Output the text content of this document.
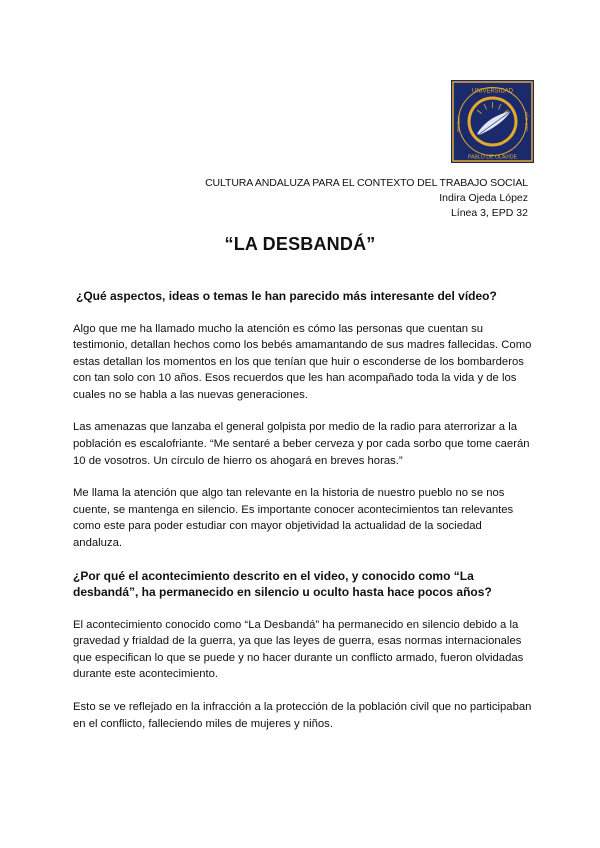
UNIVERSIDAD
PABLO DE OLAVIDE
SEVILLA	AÑO 1997
CULTURA ANDALUZA PARA EL CONTEXTO DEL TRABAJO SOCIAL
Indira Ojeda López
Línea 3, EPD 32
“LA DESBANDÁ”

¿Qué aspectos, ideas o temas le han parecido más interesante del vídeo?

Algo que me ha llamado mucho la atención es cómo las personas que cuentan su testimonio, detallan hechos como los bebés amamantando de sus madres fallecidas. Como estas detallan los momentos en los que tenían que huir o esconderse de los bombarderos con tan solo con 10 años. Esos recuerdos que les han acompañado toda la vida y de los cuales no se habla a las nuevas generaciones.

Las amenazas que lanzaba el general golpista por medio de la radio para aterrorizar a la población es escalofriante. “Me sentaré a beber cerveza y por cada sorbo que tome caerán 10 de vosotros. Un círculo de hierro os ahogará en breves horas.”

Me llama la atención que algo tan relevante en la historia de nuestro pueblo no se nos cuente, se mantenga en silencio. Es importante conocer acontecimientos tan relevantes como este para poder estudiar con mayor objetividad la actualidad de la sociedad andaluza.

¿Por qué el acontecimiento descrito en el video, y conocido como “La desbandá”, ha permanecido en silencio u oculto hasta hace pocos años?

El acontecimiento conocido como “La Desbandá” ha permanecido en silencio debido a la gravedad y frialdad de la guerra, ya que las leyes de guerra, esas normas internacionales que especifican lo que se puede y no hacer durante un conflicto armado, fueron olvidadas durante este acontecimiento.

Esto se ve reflejado en la infracción a la protección de la población civil que no participaban en el conflicto, falleciendo miles de mujeres y niños.
